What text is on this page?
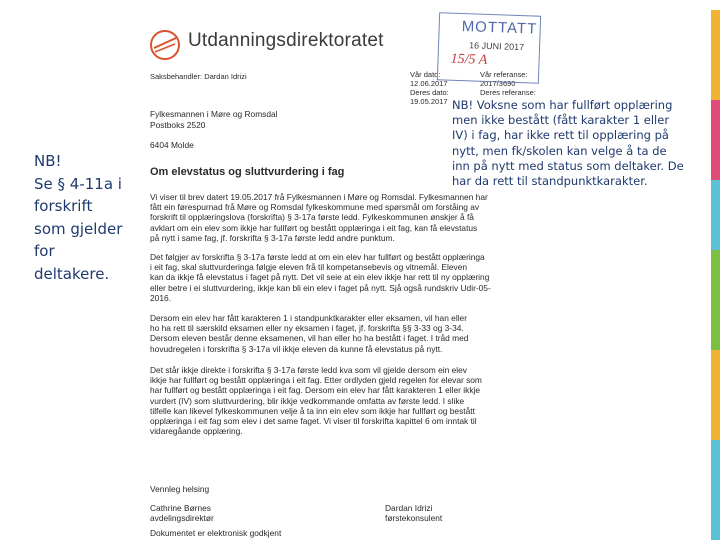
NB!
Se § 4-11a i
forskrift
som gjelder
for
deltakere.
Utdanningsdirektoratet
Saksbehandler: Dardan Idrizi	Vår dato:
12.06.2017
Deres dato:
19.05.2017
Vår referanse:
2017/3690
Deres referanse:
Fylkesmannen i Møre og Romsdal
Postboks 2520
6404 Molde
Om elevstatus og sluttvurdering i fag
Vi viser til brev datert 19.05.2017 frå Fylkesmannen i Møre og Romsdal. Fylkesmannen har
fått ein førespurnad frå Møre og Romsdal fylkeskommune med spørsmål om forståing av
forskrift til opplæringslova (forskrifta) § 3-17a første ledd. Fylkeskommunen ønskjer å få
avklart om ein elev som ikkje har fullført og bestått opplæringa i eit fag, kan få elevstatus
på nytt i same fag, jf. forskrifta § 3-17a første ledd andre punktum.
Det følgjer av forskrifta § 3-17a første ledd at om ein elev har fullført og bestått opplæringa
i eit fag, skal sluttvurderinga følgje eleven frå til kompetansebevis og vitnemål. Eleven
kan da ikkje få elevstatus i faget på nytt. Det vil seie at ein elev ikkje har rett til ny opplæring
eller betre i ei sluttvurdering, ikkje kan bli ein elev i faget på nytt. Sjå også rundskriv Udir-05-
2016.
Dersom ein elev har fått karakteren 1 i standpunktkarakter eller eksamen, vil han eller
ho ha rett til særskild eksamen eller ny eksamen i faget, jf. forskrifta §§ 3-33 og 3-34.
Dersom eleven består denne eksamenen, vil han eller ho ha bestått i faget. I tråd med
hovudregelen i forskrifta § 3-17a vil ikkje eleven da kunne få elevstatus på nytt.
Det står ikkje direkte i forskrifta § 3-17a første ledd kva som vil gjelde dersom ein elev
ikkje har fullført og bestått opplæringa i eit fag. Etter ordlyden gjeld regelen for elevar som
har fullført og bestått opplæringa i eit fag. Dersom ein elev har fått karakteren 1 eller ikkje
vurdert (IV) som sluttvurdering, blir ikkje vedkommande omfatta av første ledd. I slike
tilfelle kan likevel fylkeskommunen velje å ta inn ein elev som ikkje har fullført og bestått
opplæringa i eit fag som elev i det same faget. Vi viser til forskrifta kapittel 6 om inntak til
vidaregåande opplæring.
Vennleg helsing
Cathrine Børnes
avdelingsdirektør
Dardan Idrizi
førstekonsulent
Dokumentet er elektronisk godkjent
MOTTATT
16 JUNI 2017
15/5 A
NB! Voksne som har fullført opplæring
men ikke bestått (fått karakter 1 eller
IV) i fag, har ikke rett til opplæring på
nytt, men fk/skolen kan velge å ta de
inn på nytt med status som deltaker. De
har da rett til standpunktkarakter.
